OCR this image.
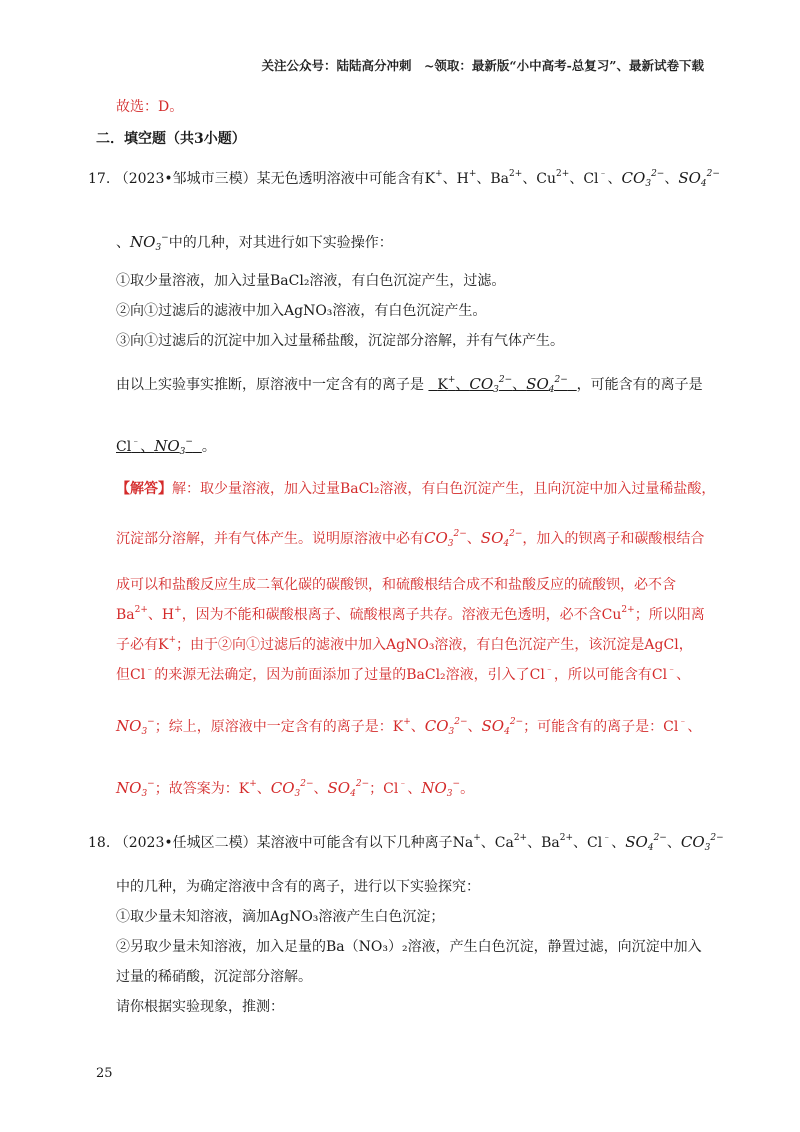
关注公众号：陆陆高分冲刺　~领取：最新版“小中高考-总复习”、最新试卷下载
故选：D。
二．填空题（共3小题）
17. （2023•邹城市三模）某无色透明溶液中可能含有K+、H+、$Ba^{2+}$、$Cu^{2+}$、Cl﹣、$CO_3^{2-}$、$SO_4^{2-}$
、$NO_3^-$中的几种，对其进行如下实验操作：
①取少量溶液，加入过量BaCl₂溶液，有白色沉淀产生，过滤。
②向①过滤后的滤液中加入AgNO₃溶液，有白色沉淀产生。
③向①过滤后的沉淀中加入过量稀盐酸，沉淀部分溶解，并有气体产生。
由以上实验事实推断，原溶液中一定含有的离子是 K+、$CO_3^{2-}$、$SO_4^{2-}$ ，可能含有的离子是
Cl﹣、$NO_3^-$ 。
【解答】解：取少量溶液，加入过量BaCl₂溶液，有白色沉淀产生，且向沉淀中加入过量稀盐酸，
沉淀部分溶解，并有气体产生。说明原溶液中必有$CO_3^{2-}$、$SO_4^{2-}$，加入的钡离子和碳酸根结合
成可以和盐酸反应生成二氧化碳的碳酸钡，和硫酸根结合成不和盐酸反应的硫酸钡，必不含
$Ba^{2+}$、H+，因为不能和碳酸根离子、硫酸根离子共存。溶液无色透明，必不含$Cu^{2+}$；所以阳离
子必有K+；由于②向①过滤后的滤液中加入AgNO₃溶液，有白色沉淀产生，该沉淀是AgCl，
但Cl﹣的来源无法确定，因为前面添加了过量的BaCl₂溶液，引入了Cl﹣，所以可能含有Cl﹣、
$NO_3^-$；综上，原溶液中一定含有的离子是：K+、$CO_3^{2-}$、$SO_4^{2-}$；可能含有的离子是：Cl﹣、
$NO_3^-$；故答案为：K+、$CO_3^{2-}$、$SO_4^{2-}$；Cl﹣、$NO_3^-$。
18. （2023•任城区二模）某溶液中可能含有以下几种离子Na+、$Ca^{2+}$、$Ba^{2+}$、Cl﹣、$SO_4^{2-}$、$CO_3^{2-}$
中的几种，为确定溶液中含有的离子，进行以下实验探究：
①取少量未知溶液，滴加AgNO₃溶液产生白色沉淀；
②另取少量未知溶液，加入足量的Ba（NO₃）₂溶液，产生白色沉淀，静置过滤，向沉淀中加入
过量的稀硝酸，沉淀部分溶解。
请你根据实验现象，推测：
25
